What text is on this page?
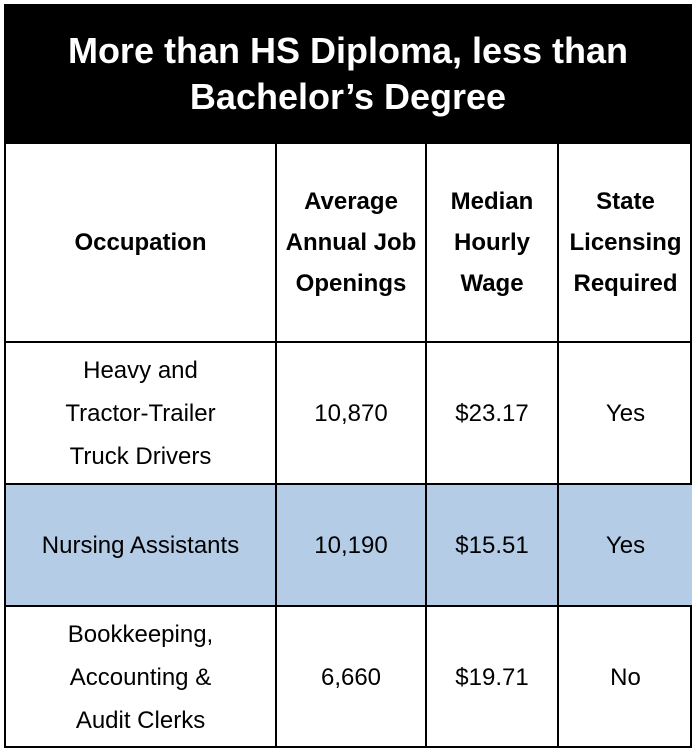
More than HS Diploma, less than Bachelor’s Degree
Occupation	Average Annual Job Openings	Median Hourly Wage	State Licensing Required
Heavy and Tractor-Trailer Truck Drivers	10,870	$23.17	Yes
Nursing Assistants	10,190	$15.51	Yes
Bookkeeping, Accounting & Audit Clerks	6,660	$19.71	No
